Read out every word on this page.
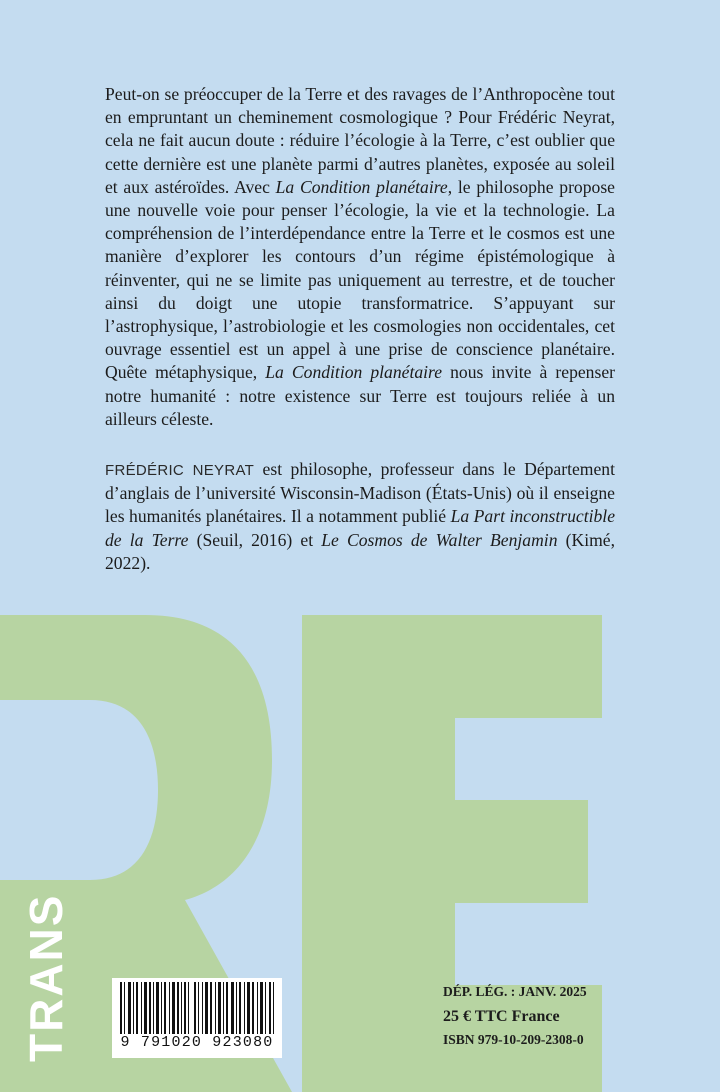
Peut-on se préoccuper de la Terre et des ravages de l’Anthropocène tout en empruntant un cheminement cosmologique ? Pour Frédéric Neyrat, cela ne fait aucun doute : réduire l’écologie à la Terre, c’est oublier que cette dernière est une planète parmi d’autres planètes, exposée au soleil et aux astéroïdes. Avec La Condition planétaire, le philosophe propose une nouvelle voie pour penser l’écologie, la vie et la technologie. La compréhension de l’interdépendance entre la Terre et le cosmos est une manière d’explorer les contours d’un régime épistémologique à réinventer, qui ne se limite pas uniquement au terrestre, et de toucher ainsi du doigt une utopie transformatrice. S’appuyant sur l’astrophysique, l’astrobiologie et les cosmologies non occidentales, cet ouvrage essentiel est un appel à une prise de conscience planétaire. Quête métaphysique, La Condition planétaire nous invite à repenser notre humanité : notre existence sur Terre est toujours reliée à un ailleurs céleste.

FRÉDÉRIC NEYRAT est philosophe, professeur dans le Département d’anglais de l’université Wisconsin-Madison (États-Unis) où il enseigne les humanités planétaires. Il a notamment publié La Part inconstructible de la Terre (Seuil, 2016) et Le Cosmos de Walter Benjamin (Kimé, 2022).

TRANS	9 791020 923080
DÉP. LÉG. : JANV. 2025
25 € TTC France
ISBN 979-10-209-2308-0
